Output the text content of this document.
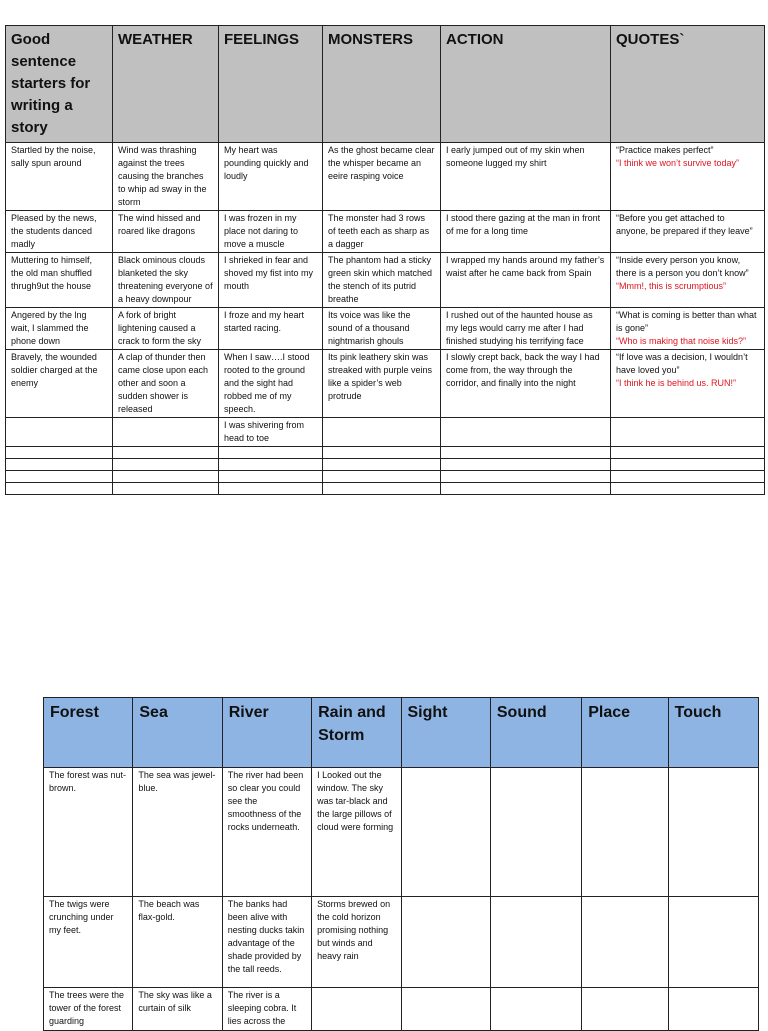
Good sentence starters for writing a story	WEATHER	FEELINGS	MONSTERS	ACTION	QUOTES`
Startled by the noise, sally spun around	Wind was thrashing against the trees causing the branches to whip ad sway in the storm	My heart was pounding quickly and loudly	As the ghost became clear the whisper became an eeire rasping voice	I early jumped out of my skin when someone lugged my shirt	“Practice makes perfect”
“I think we won’t survive today”

Pleased by the news, the students danced madly	The wind hissed and roared like dragons	I was frozen in my place not daring to move a muscle	The monster had 3 rows of teeth each as sharp as a dagger	I stood there gazing at the man in front of me for a long time	“Before you get attached to anyone, be prepared if they leave”

Muttering to himself, the old man shuffled thrugh9ut the house	Black ominous clouds blanketed the sky threatening everyone of a heavy downpour	I shrieked in fear and shoved my fist into my mouth	The phantom had a sticky green skin which matched the stench of its putrid breathe	I wrapped my hands around my father’s waist after he came back from Spain	“Inside every person you know, there is a person you don’t know”
“Mmm!, this is scrumptious”

Angered by the lng wait, I slammed the phone down	A fork of bright lightening caused a crack to form the sky	I froze and my heart started racing.	Its voice was like the sound of a thousand nightmarish ghouls	I rushed out of the haunted house as my legs would carry me after I had finished studying his terrifying face	“What is coming is better than what is gone”
“Who is making that noise kids?”

Bravely, the wounded soldier charged at the enemy	A clap of thunder then came close upon each other and soon a sudden shower is released	When I saw….I stood rooted to the ground and the sight had robbed me of my speech.	Its pink leathery skin was streaked with purple veins like a spider’s web protrude	I slowly crept back, back the way I had come from, the way through the corridor, and finally into the night	“If love was a decision, I wouldn’t have loved you”
“I think he is behind us. RUN!”

		I was shivering from head to toe			

Forest	Sea	River	Rain and Storm	Sight	Sound	Place	Touch
The forest was nut-brown.	The sea was jewel-blue.	The river had been so clear you could see the smoothness of the rocks underneath.	I Looked out the window. The sky was tar-black and the large pillows of cloud were forming				
The twigs were crunching under my feet.	The beach was flax-gold.	The banks had been alive with nesting ducks takin advantage of the shade provided by the tall reeds.	Storms brewed on the cold horizon promising nothing but winds and heavy rain				
The trees were the tower of the forest guarding	The sky was like a curtain of silk	The river is a sleeping cobra. It lies across the					
